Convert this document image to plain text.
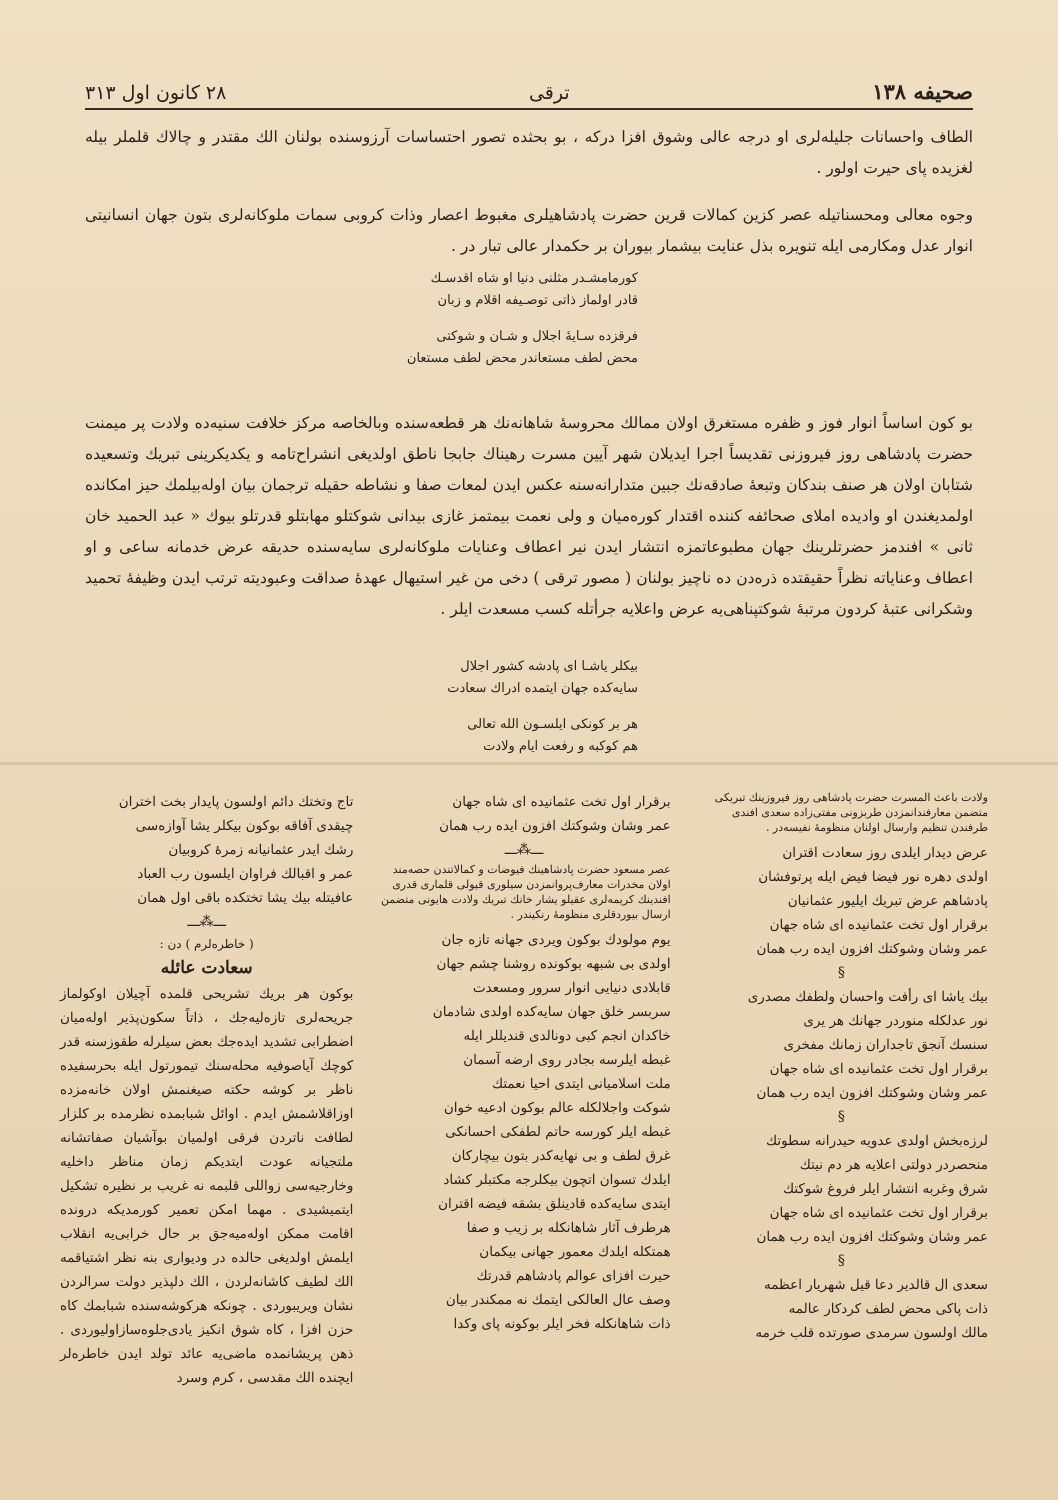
صحیفه ۱۳۸
ترقی
۲۸ کانون اول ۳۱۳
الطاف واحسانات جلیله‌لری او درجه عالی وشوق افزا درکه ، بو بحثده تصور احتساسات آرزوسنده بولنان الك مقتدر و چالاك قلملر بیله لغزیده پای حیرت اولور .
وجوه معالی ومحسناتیله عصر کزین کمالات قرین حضرت پادشاهیلری مغبوط اعصار وذات کروبی سمات ملوکانه‌لری بتون جهان انسانیتی انوار عدل ومکارمی ایله تنویره بذل عنایت بیشمار بیوران بر حکمدار عالی تبار در .
کورمامشـدر مثلنی دنیا او شاه اقدسـك
قادر اولماز ذاتی توصـیفه اقلام و زبان
فرقزده سـایهٔ اجلال و شـان و شوکتی
محض لطف مستعاندر محض لطف مستعان
بو کون اساساً انوار فوز و ظفره مستغرق اولان ممالك محروسهٔ شاهانه‌نك هر قطعه‌سنده وبالخاصه مرکز خلافت سنیه‌ده ولادت پر میمنت حضرت پادشاهی روز فیروزنی تقدیساً اجرا ایدیلان شهر آیین مسرت رهیناك جابجا ناطق اولدیغی انشراح‌تامه و یکدیکرینی تبریك وتسعیده شتابان اولان هر صنف بندکان وتبعهٔ صادقه‌نك جبین متدارانه‌سنه عکس ایدن لمعات صفا و نشاطه حقیله ترجمان بیان اوله‌بیلمك حیز امکانده اولمدیغندن او واديده املای صحائفه کننده اقتدار کوره‌میان و ولی نعمت بیمتمز غازی بیدانی شوکتلو مهابتلو قدرتلو بیوك « عبد الحمید خان ثانی » افندمز حضرتلرینك جهان مطبوعاتمزه انتشار ایدن نیر اعطاف وعنایات ملوکانه‌لری سایه‌سنده حدیقه عرض خدمانه ساعی و او اعطاف وعنایاته نظراً حقیقتده ذره‌دن ده ناچیز بولنان ( مصور ترقی ) دخی من غیر استیهال عهدهٔ صداقت وعبودیته ترتب ایدن وظیفهٔ تحمید وشکرانی عتبهٔ کردون مرتبهٔ شوکتپناهی‌یه عرض واعلایه جرأتله کسب مسعدت ایلر .
بیکلر یاشـا ای پادشه کشور اجلال
سایه‌کده جهان ایتمده ادراك سعادت
هر بر کونکی ایلسـون الله تعالی
هم کوکبه و رفعت ایام ولادت
ولادت باعث المسرت حضرت پادشاهی روز فیروزینك تبریکی متضمن معارفندانمزدن طربزونی مفتی‌زاده سعدی افندی طرفندن تنظیم وارسال اولنان منظومهٔ نفیسه‌در .
عرض دیدار ایلدی روز سعادت اقتران
اولدی دهره نور فیضا فیض ایله پرتوفشان
پادشاهم عرض تبریك ایلیور عثمانیان
برقرار اول تخت عثمانیده ای شاه جهان
عمر وشان وشوکتك افزون ایده رب همان
§
بیك یاشا ای رأفت واحسان ولطفك مصدری
نور عدلکله منوردر جهانك هر یری
سنسك آنجق تاجداران زمانك مفخری
برقرار اول تخت عثمانیده ای شاه جهان
عمر وشان وشوکتك افزون ایده رب همان
§
لرزه‌بخش اولدی عدویه حیدرانه سطوتك
منحصردر دولتی اعلایه هر دم نیتك
شرق وغربه انتشار ایلر فروغ شوکتك
برقرار اول تخت عثمانیده ای شاه جهان
عمر وشان وشوکتك افزون ایده رب همان
§
سعدی ال قالدیر دعا قیل شهریار اعظمه
ذات پاکی محض لطف کردکار عالمه
مالك اولسون سرمدی صورتده قلب خرمه
برقرار اول تخت عثمانیده ای شاه جهان
عمر وشان وشوکتك افزون ایده رب همان
ـــ⁂ـــ
عصر مسعود حضرت پادشاهینك فیوضات و کمالاتندن حصه‌مند اولان مخدرات معارف‌پروانمزدن سیلوری قیولی قلماری قدری افندینك کریمه‌لری عقیلو یشار خانك تبریك ولادت هایونی متضمن ارسال بیوردقلری منظومهٔ رنکیندر .
یوم مولودك بوکون ویردی جهانه تازه جان
اولدی بی شبهه بوکونده روشنا چشم جهان
قابلادی دنیایی انوار سرور ومسعدت
سربسر خلق جهان سایه‌کده اولدی شادمان
خاکدان انجم کبی دونالدی قندیللر ایله
غبطه ایلرسه بجادر روی ارضه آسمان
ملت اسلامیانی ایتدی احیا نعمتك
شوکت واجلالکله عالم بوکون ادعیه خوان
غبطه ایلر کورسه حاتم لطفکی احسانکی
غرق لطف و بی نهایه‌کدر بتون بیچارکان
ایلدك تسوان اتچون بیکلرجه مکتبلر کشاد
ایتدی سایه‌کده قادینلق بشقه فیضه اقتران
هرطرف آثار شاهانکله بر زیب و صفا
همتکله ایلدك معمور جهانی بیکمان
حیرت افزای عوالم پادشاهم قدرتك
وصف عال العالکی ایتمك نه ممکندر بیان
ذات شاهانکله فخر ایلر بوکونه پای وکدا
تاج وتختك دائم اولسون پایدار بخت اختران
چیقدی آفاقه بوکون بیکلر یشا آوازه‌سی
رشك ایدر عثمانیانه زمرهٔ کروبیان
عمر و اقبالك فراوان ایلسون رب العباد
عافیتله بیك یشا تختکده باقی اول همان
ـــ⁂ـــ
( خاطره‌لرم ) دن :
سعادت عائله
بوکون هر بریك تشریحی قلمده آچیلان اوکولماز جریحه‌لری تازه‌لیه‌جك ، ذاتاً سکون‌پذیر اوله‌میان اضطرابی تشدید ایده‌جك بعض سیلرله طقوزسنه قدر کوچك آیاصوفیه محله‌سنك تیمورتول ایله بحرسفیده ناظر بر کوشه حکته صیغنمش اولان خانه‌مزده اوزاقلاشمش ایدم . اوائل شبابمده نظرمده بر کلزار لطافت ناتردن فرقی اولمیان بوآشیان صفاتشانه ملتجیانه عودت ایتدیکم زمان مناظر داخلیه وخارجیه‌سی زواللی قلبمه نه غریب بر نظیره تشکیل ایتمیشیدی . مهما امکن تعمیر کورمدیکه درونده اقامت ممکن اوله‌میه‌جق بر حال خرابی‌یه انقلاب ایلمش اولدیغی حالده در ودیواری بنه نظر اشتیاقمه الك لطیف کاشانه‌لردن ، الك دلپذیر دولت سرالردن نشان ویریبوردی . چونکه هرکوشه‌سنده شبابمك کاه حزن افزا ، کاه شوق انکیز یادی‌جلوه‌سازاولیوردی . ذهن پریشانمده ماضی‌یه عائد تولد ایدن خاطره‌لر ایچنده الك مقدسی ، کرم وسرد
